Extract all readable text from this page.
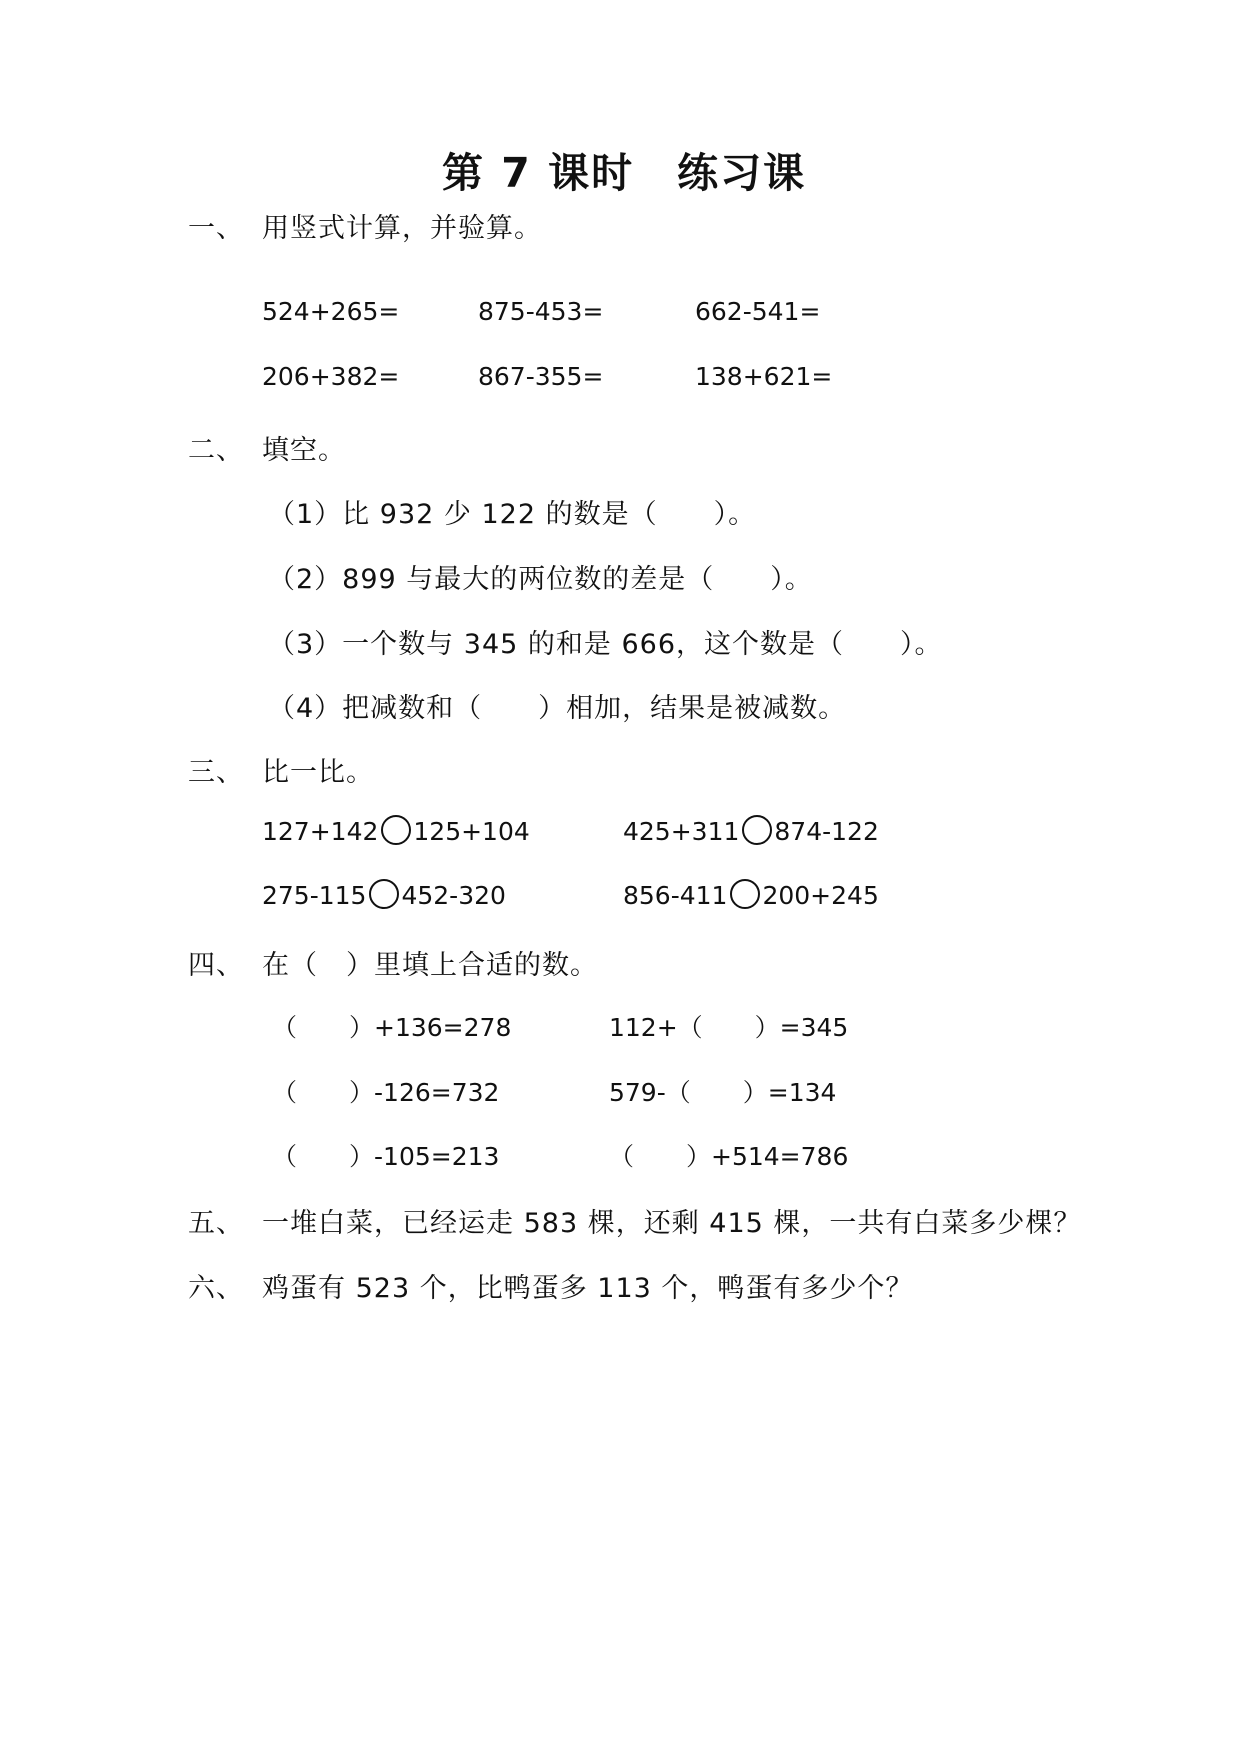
第 7 课时　练习课
一、 用竖式计算，并验算。
524+265=	875-453=	662-541=
206+382=	867-355=	138+621=
二、 填空。
（1）比 932 少 122 的数是（　　）。
（2）899 与最大的两位数的差是（　　）。
（3）一个数与 345 的和是 666，这个数是（　　）。
（4）把减数和（　　）相加，结果是被减数。
三、 比一比。
127+142 125+104	425+311 874-122
275-115 452-320	856-411 200+245
四、 在（　）里填上合适的数。
（ ）+136=278	112+（ ）=345
（ ）-126=732	579-（ ）=134
（ ）-105=213	（ ）+514=786
五、 一堆白菜，已经运走 583 棵，还剩 415 棵，一共有白菜多少棵？
六、 鸡蛋有 523 个，比鸭蛋多 113 个，鸭蛋有多少个？
